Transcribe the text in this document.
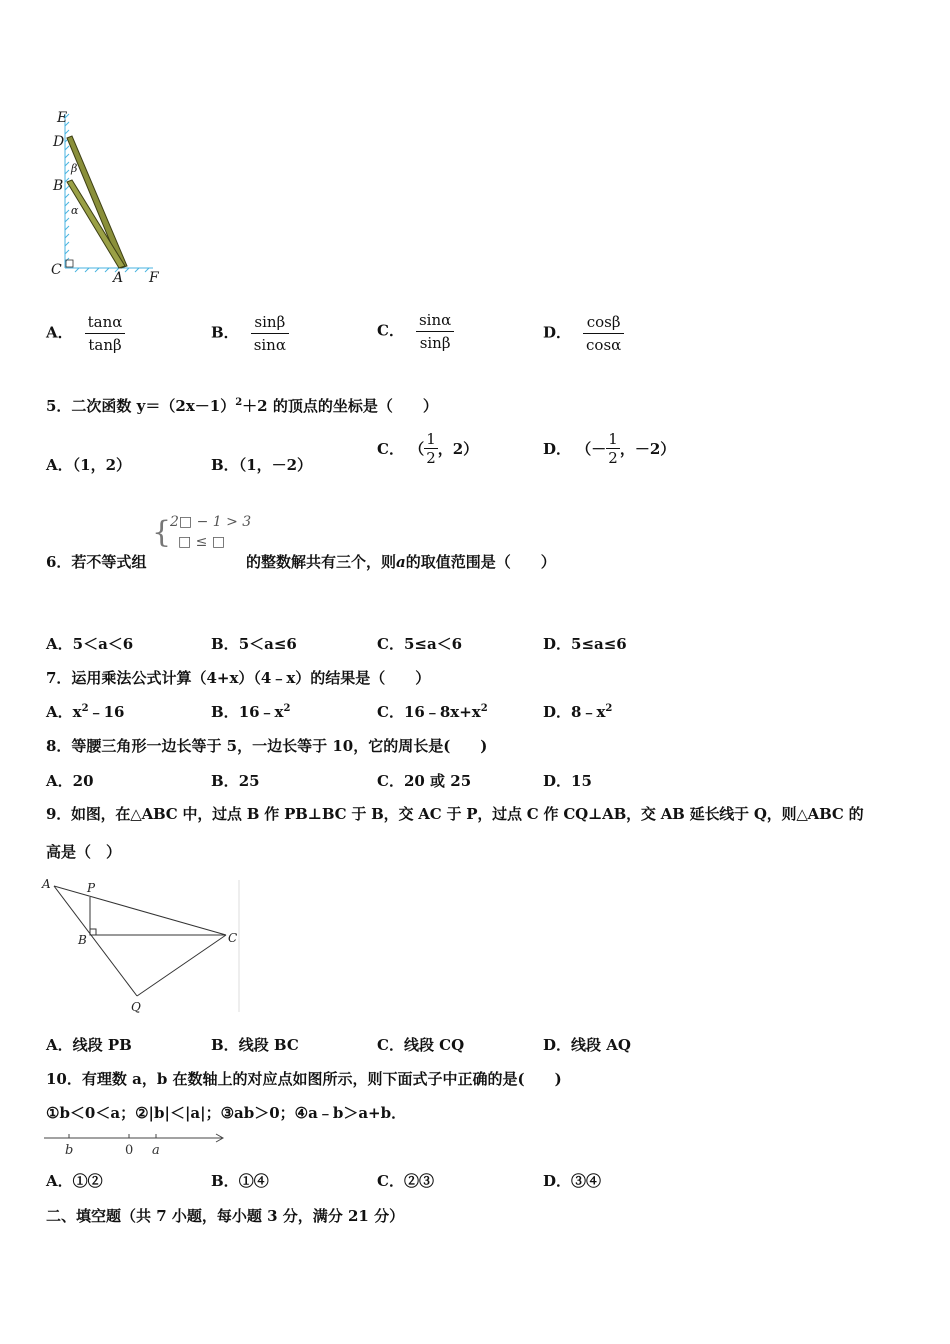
E
D
B
C	A F
β
α
A． $\frac{\tan\alpha}{\tan\beta}$	B． $\frac{\sin\beta}{\sin\alpha}$	C． $\frac{\sin\alpha}{\sin\beta}$	D． $\frac{\cos\beta}{\cos\alpha}$
5．二次函数 $y=(2x-1)^2+2$ 的顶点的坐标是（　　）
A．（1，2）	B．（1，－2）
C． （ $\frac{1}{2}$ ，2）	D． （－ $\frac{1}{2}$ ，－2）
6．若不等式组
{
2□ − 1 > 3
□ ≤ □
的整数解共有三个，则a的取值范围是（　　）
A．5＜a＜6	B．5＜a≤6	C．5≤a＜6	D．5≤a≤6
7．运用乘法公式计算（4+x）（4﹣x）的结果是（　　）
A．$x^2﹣16$	B．$16﹣x^2$	C．$16﹣8x+x^2$	D．$8﹣x^2$
8．等腰三角形一边长等于 5，一边长等于 10，它的周长是(　　)
A．20	B．25	C．20 或 25	D．15
9．如图，在△ABC 中，过点 B 作 PB⊥BC 于 B，交 AC 于 P，过点 C 作 CQ⊥AB，交 AB 延长线于 Q，则△ABC 的
高是（　）
A	P
B	C
Q
A．线段 PB	B．线段 BC	C．线段 CQ	D．线段 AQ
10．有理数 a，b 在数轴上的对应点如图所示，则下面式子中正确的是(　　)
①b＜0＜a；②|b|＜|a|；③ab＞0；④a﹣b＞a+b．
b	0 a
A．①②	B．①④	C．②③	D．③④
二、填空题（共 7 小题，每小题 3 分，满分 21 分）
